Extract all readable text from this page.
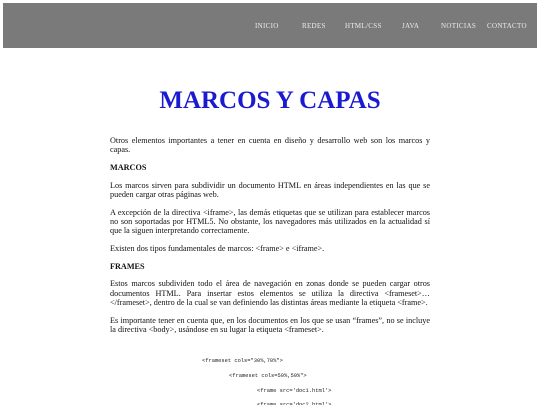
INICIO	REDES	HTML/CSS	JAVA	NOTICIAS CONTACTO
MARCOS Y CAPAS

Otros elementos importantes a tener en cuenta en diseño y desarrollo web son los marcos y capas.

MARCOS

Los marcos sirven para subdividir un documento HTML en áreas independientes en las que se pueden cargar otras páginas web.

A excepción de la directiva <iframe>, las demás etiquetas que se utilizan para establecer marcos no son soportadas por HTML5. No obstante, los navegadores más utilizados en la actualidad sí que la siguen interpretando correctamente.

Existen dos tipos fundamentales de marcos: <frame> e <iframe>.

FRAMES

Estos marcos subdividen todo el área de navegación en zonas donde se pueden cargar otros documentos HTML. Para insertar estos elementos se utiliza la directiva <frameset>…</frameset>, dentro de la cual se van definiendo las distintas áreas mediante la etiqueta <frame>.

Es importante tener en cuenta que, en los documentos en los que se usan “frames”, no se incluye la directiva <body>, usándose en su lugar la etiqueta <frameset>.

<frameset cols="30%,70%">
<frameset cols=50%,50%">
<frame src='doc1.html'>
<frame src='doc2.html'>
